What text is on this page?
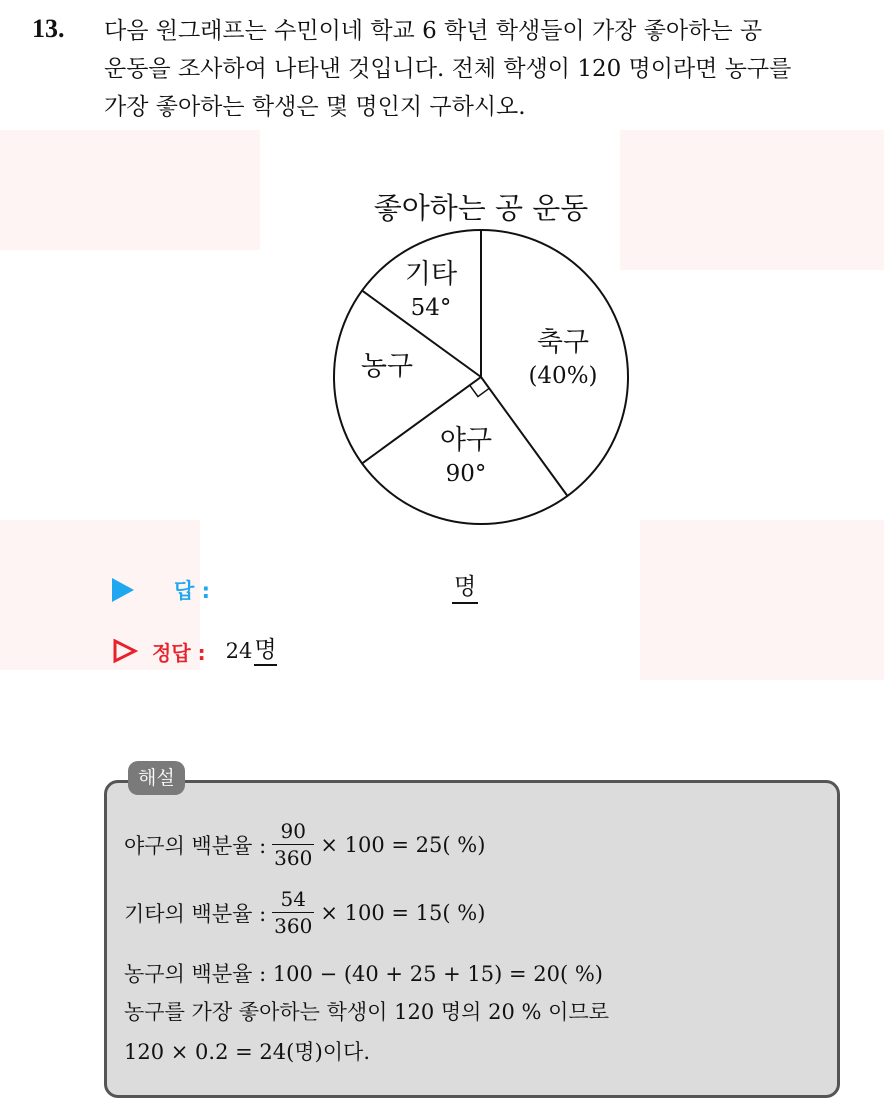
13. 다음 원그래프는 수민이네 학교 6 학년 학생들이 가장 좋아하는 공
운동을 조사하여 나타낸 것입니다. 전체 학생이 120 명이라면 농구를
가장 좋아하는 학생은 몇 명인지 구하시오.
좋아하는 공 운동
축구
(40%)
야구
90°
농구
기타
54°
답 :	명
정답 : 24 명
해설
야구의 백분율 : $\frac{90}{360} \times 100 = 25$( %)
기타의 백분율 : $\frac{54}{360} \times 100 = 15$( %)
농구의 백분율 : 100 − (40 + 25 + 15) = 20( %)
농구를 가장 좋아하는 학생이 120 명의 20 % 이므로
120 × 0.2 = 24(명)이다.
